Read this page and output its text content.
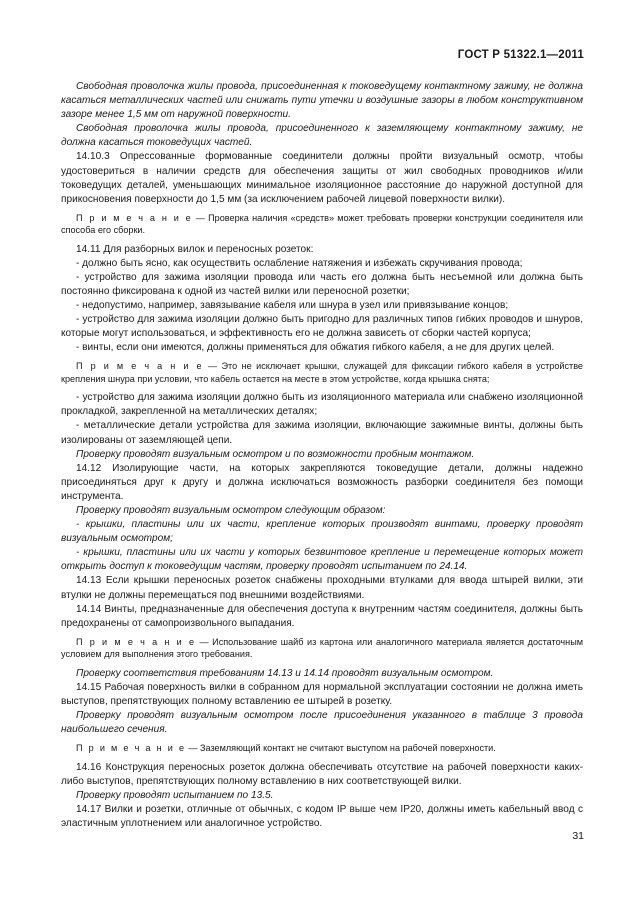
ГОСТ Р 51322.1—2011

Свободная проволочка жилы провода, присоединенная к токоведущему контактному зажиму, не должна касаться металлических частей или снижать пути утечки и воздушные зазоры в любом конструктивном зазоре менее 1,5 мм от наружной поверхности.

Свободная проволочка жилы провода, присоединенного к заземляющему контактному зажиму, не должна касаться токоведущих частей.

14.10.3 Опрессованные формованные соединители должны пройти визуальный осмотр, чтобы удостовериться в наличии средств для обеспечения защиты от жил свободных проводников и/или токоведущих деталей, уменьшающих минимальное изоляционное расстояние до наружной доступной для прикосновения поверхности до 1,5 мм (за исключением рабочей лицевой поверхности вилки).

П р и м е ч а н и е — Проверка наличия «средств» может требовать проверки конструкции соединителя или способа его сборки.

14.11 Для разборных вилок и переносных розеток:

- должно быть ясно, как осуществить ослабление натяжения и избежать скручивания провода;

- устройство для зажима изоляции провода или часть его должна быть несъемной или должна быть постоянно фиксирована к одной из частей вилки или переносной розетки;

- недопустимо, например, завязывание кабеля или шнура в узел или привязывание концов;

- устройство для зажима изоляции должно быть пригодно для различных типов гибких проводов и шнуров, которые могут использоваться, и эффективность его не должна зависеть от сборки частей корпуса;

- винты, если они имеются, должны применяться для обжатия гибкого кабеля, а не для других целей.

П р и м е ч а н и е — Это не исключает крышки, служащей для фиксации гибкого кабеля в устройстве крепления шнура при условии, что кабель остается на месте в этом устройстве, когда крышка снята;

- устройство для зажима изоляции должно быть из изоляционного материала или снабжено изоляционной прокладкой, закрепленной на металлических деталях;

- металлические детали устройства для зажима изоляции, включающие зажимные винты, должны быть изолированы от заземляющей цепи.

Проверку проводят визуальным осмотром и по возможности пробным монтажом.

14.12 Изолирующие части, на которых закрепляются токоведущие детали, должны надежно присоединяться друг к другу и должна исключаться возможность разборки соединителя без помощи инструмента.

Проверку проводят визуальным осмотром следующим образом:

- крышки, пластины или их части, крепление которых производят винтами, проверку проводят визуальным осмотром;

- крышки, пластины или их части у которых безвинтовое крепление и перемещение которых может открыть доступ к токоведущим частям, проверку проводят испытанием по 24.14.

14.13 Если крышки переносных розеток снабжены проходными втулками для ввода штырей вилки, эти втулки не должны перемещаться под внешними воздействиями.

14.14 Винты, предназначенные для обеспечения доступа к внутренним частям соединителя, должны быть предохранены от самопроизвольного выпадания.

П р и м е ч а н и е — Использование шайб из картона или аналогичного материала является достаточным условием для выполнения этого требования.

Проверку соответствия требованиям 14.13 и 14.14 проводят визуальным осмотром.

14.15 Рабочая поверхность вилки в собранном для нормальной эксплуатации состоянии не должна иметь выступов, препятствующих полному вставлению ее штырей в розетку.

Проверку проводят визуальным осмотром после присоединения указанного в таблице 3 провода наибольшего сечения.

П р и м е ч а н и е — Заземляющий контакт не считают выступом на рабочей поверхности.

14.16 Конструкция переносных розеток должна обеспечивать отсутствие на рабочей поверхности каких-либо выступов, препятствующих полному вставлению в них соответствующей вилки.

Проверку проводят испытанием по 13.5.

14.17 Вилки и розетки, отличные от обычных, с кодом IP выше чем IP20, должны иметь кабельный ввод с эластичным уплотнением или аналогичное устройство.

31
